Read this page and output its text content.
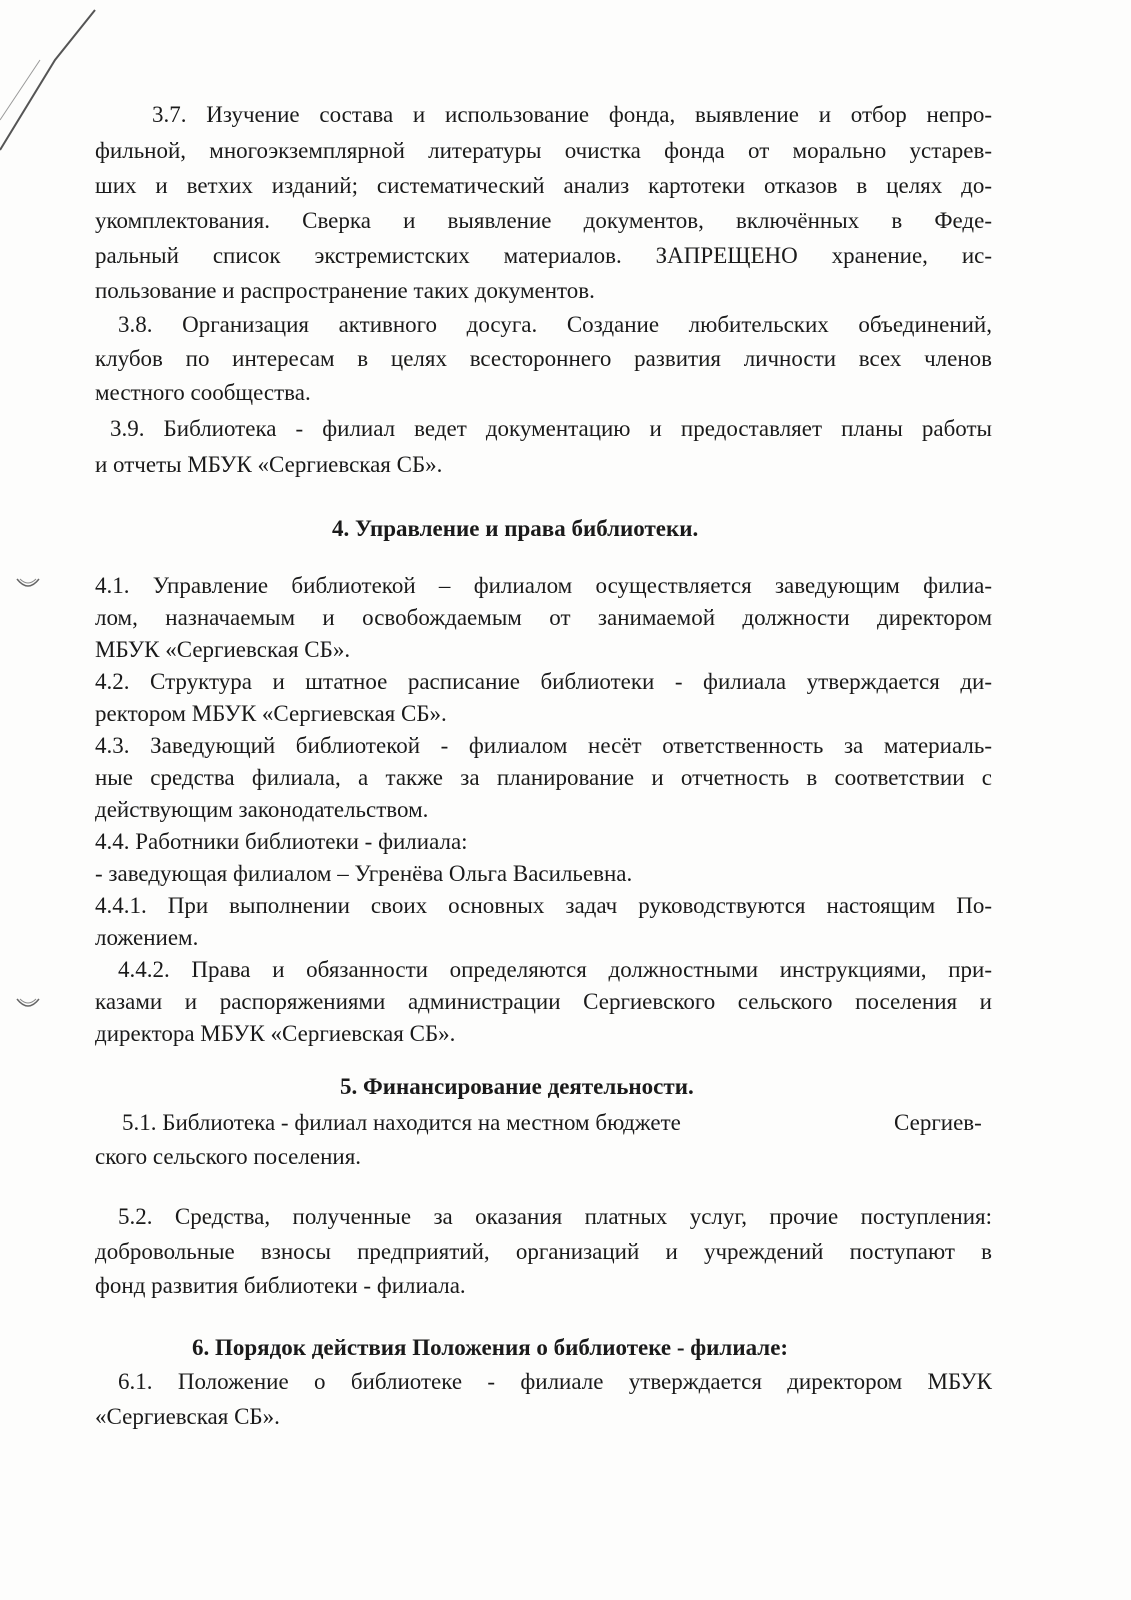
3.7. Изучение состава и использование фонда, выявление и отбор непро-
фильной, многоэкземплярной литературы очистка фонда от морально устарев-
ших и ветхих изданий; систематический анализ картотеки отказов в целях до-
укомплектования. Сверка и выявление документов, включённых в Феде-
ральный список экстремистских материалов. ЗАПРЕЩЕНО хранение, ис-
пользование и распространение таких документов.
3.8. Организация активного досуга. Создание любительских объединений,
клубов по интересам в целях всестороннего развития личности всех членов
местного сообщества.
3.9. Библиотека - филиал ведет документацию и предоставляет планы работы
и отчеты МБУК «Сергиевская СБ».
4. Управление и права библиотеки.
4.1. Управление библиотекой – филиалом осуществляется заведующим филиа-
лом, назначаемым и освобождаемым от занимаемой должности директором
МБУК «Сергиевская СБ».
4.2. Структура и штатное расписание библиотеки - филиала утверждается ди-
ректором МБУК «Сергиевская СБ».
4.3. Заведующий библиотекой - филиалом несёт ответственность за материаль-
ные средства филиала, а также за планирование и отчетность в соответствии с
действующим законодательством.
4.4. Работники библиотеки - филиала:
- заведующая филиалом – Угренёва Ольга Васильевна.
4.4.1. При выполнении своих основных задач руководствуются настоящим По-
ложением.
4.4.2. Права и обязанности определяются должностными инструкциями, при-
казами и распоряжениями администрации Сергиевского сельского поселения и
директора МБУК «Сергиевская СБ».
5. Финансирование деятельности.
5.1. Библиотека - филиал находится на местном бюджете	Сергиев-
ского сельского поселения.
5.2. Средства, полученные за оказания платных услуг, прочие поступления:
добровольные взносы предприятий, организаций и учреждений поступают в
фонд развития библиотеки - филиала.
6. Порядок действия Положения о библиотеке - филиале:
6.1. Положение о библиотеке - филиале утверждается директором МБУК
«Сергиевская СБ».
